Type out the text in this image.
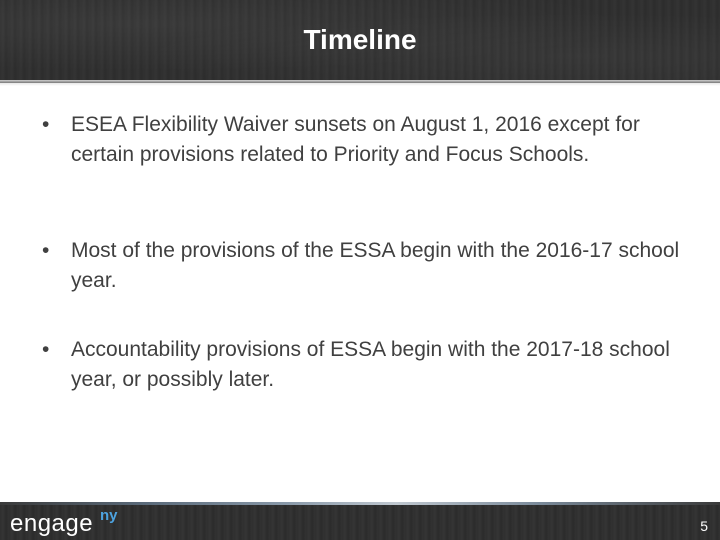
Timeline

•	ESEA Flexibility Waiver sunsets on August 1, 2016 except for certain provisions related to Priority and Focus Schools.

•	Most of the provisions of the ESSA begin with the 2016-17 school year.

•	Accountability provisions of ESSA begin with the 2017-18 school year, or possibly later.

engage ny
5
